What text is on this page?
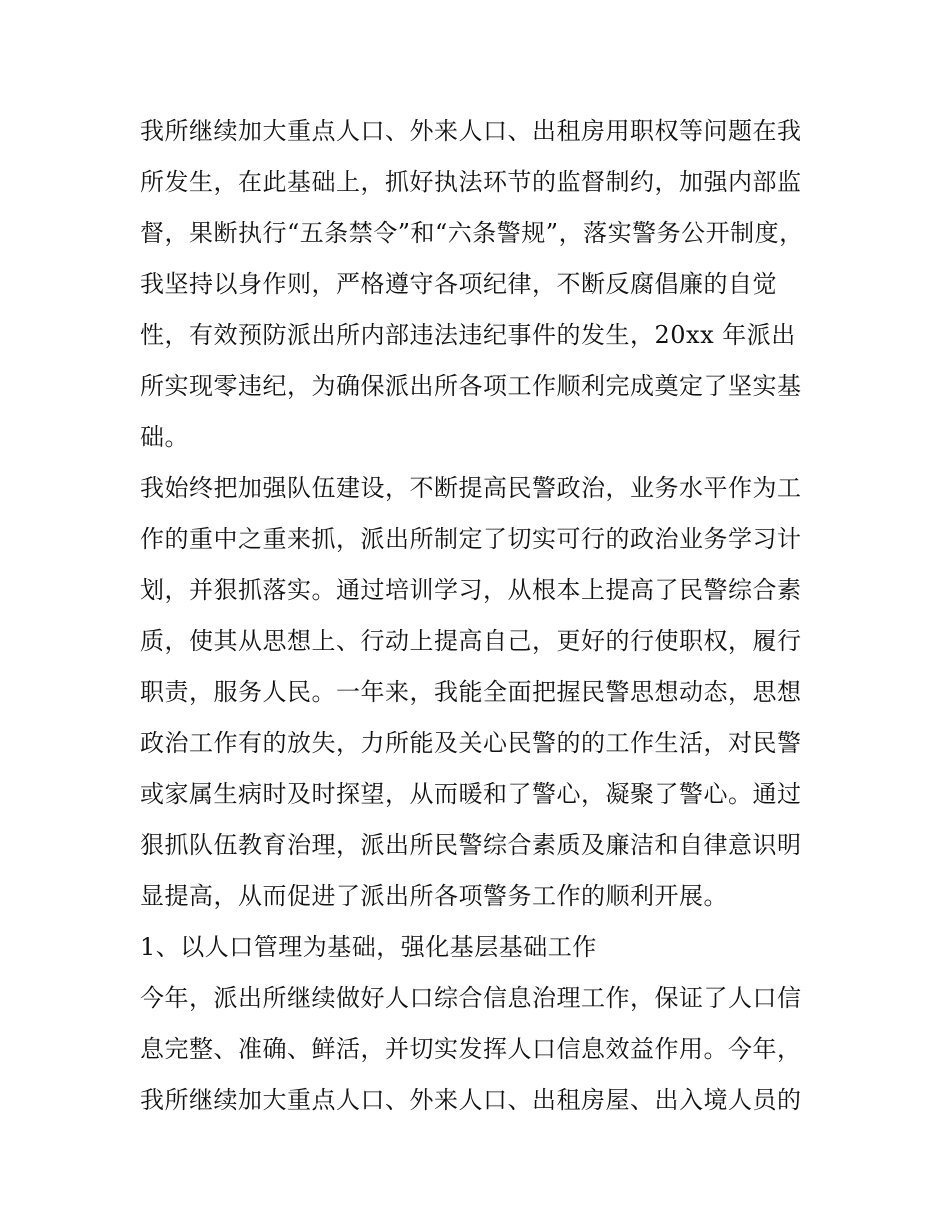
我所继续加大重点人口、外来人口、出租房用职权等问题在我
所发生，在此基础上，抓好执法环节的监督制约，加强内部监
督，果断执行“五条禁令”和“六条警规”，落实警务公开制度，
我坚持以身作则，严格遵守各项纪律，不断反腐倡廉的自觉
性，有效预防派出所内部违法违纪事件的发生，20xx 年派出
所实现零违纪，为确保派出所各项工作顺利完成奠定了坚实基
础。
我始终把加强队伍建设，不断提高民警政治，业务水平作为工
作的重中之重来抓，派出所制定了切实可行的政治业务学习计
划，并狠抓落实。通过培训学习，从根本上提高了民警综合素
质，使其从思想上、行动上提高自己，更好的行使职权，履行
职责，服务人民。一年来，我能全面把握民警思想动态，思想
政治工作有的放失，力所能及关心民警的的工作生活，对民警
或家属生病时及时探望，从而暖和了警心，凝聚了警心。通过
狠抓队伍教育治理，派出所民警综合素质及廉洁和自律意识明
显提高，从而促进了派出所各项警务工作的顺利开展。
1、以人口管理为基础，强化基层基础工作
今年，派出所继续做好人口综合信息治理工作，保证了人口信
息完整、准确、鲜活，并切实发挥人口信息效益作用。今年，
我所继续加大重点人口、外来人口、出租房屋、出入境人员的
